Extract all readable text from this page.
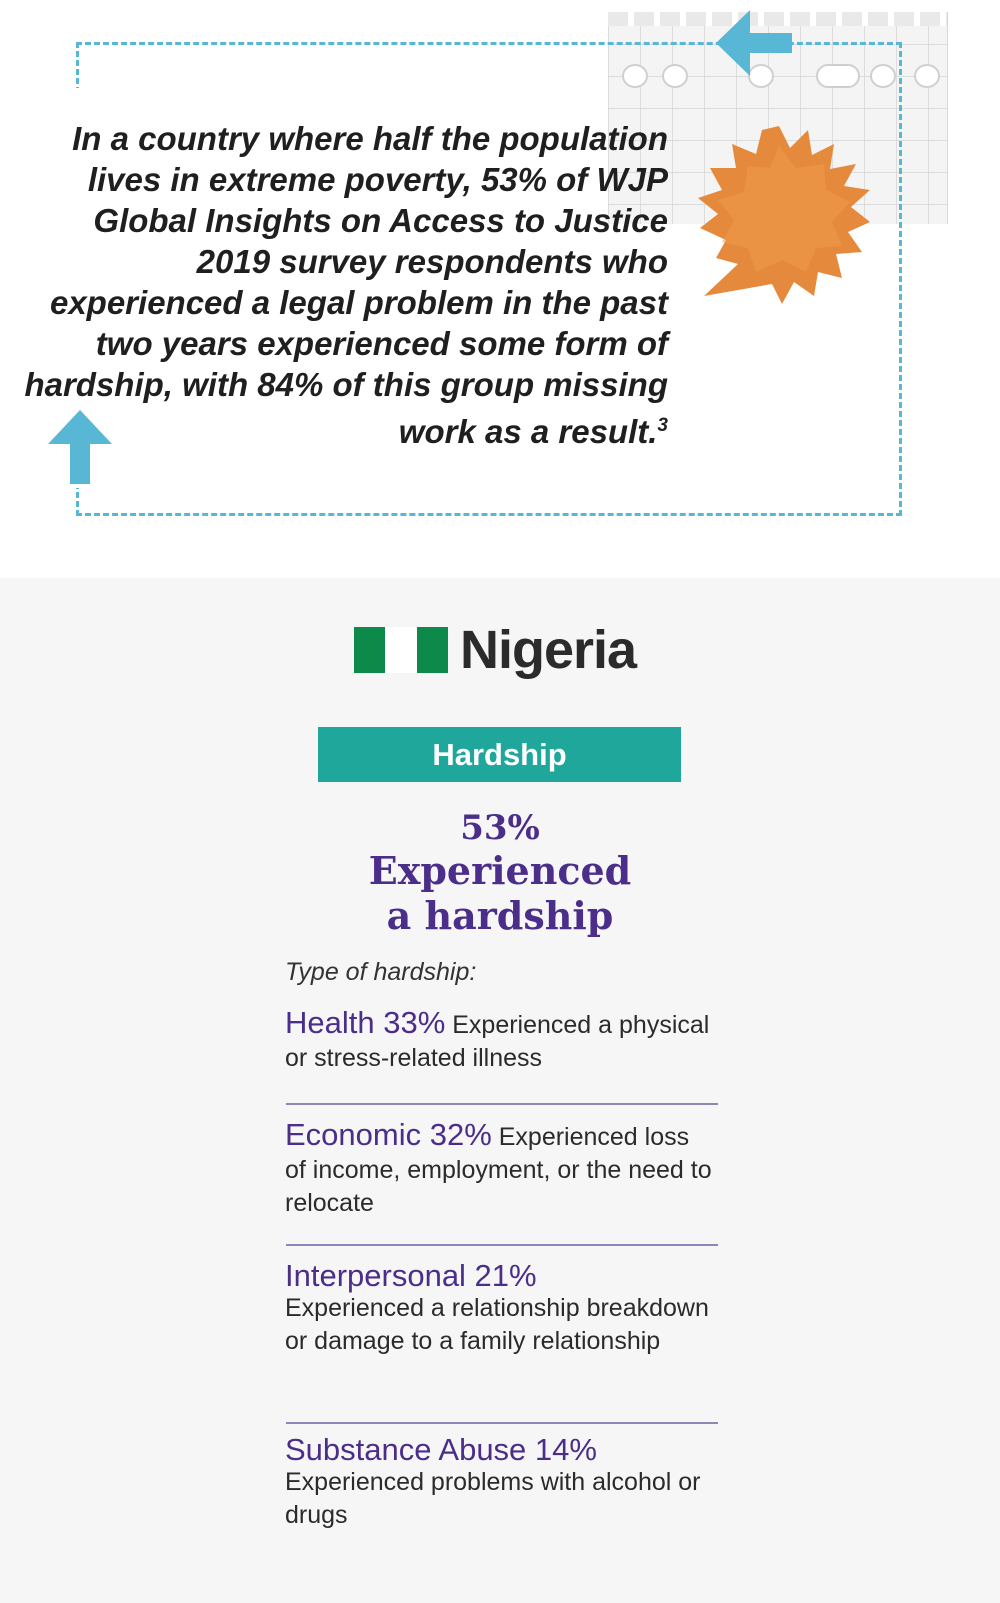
In a country where half the population lives in extreme poverty, 53% of WJP Global Insights on Access to Justice 2019 survey respondents who experienced a legal problem in the past two years experienced some form of hardship, with 84% of this group missing work as a result.$^3$

Nigeria
Hardship
53%
Experienced
a hardship
Type of hardship:
Health 33% Experienced a physical or stress-related illness
Economic 32% Experienced loss of income, employment, or the need to relocate
Interpersonal 21%
Experienced a relationship breakdown or damage to a family relationship
Substance Abuse 14%
Experienced problems with alcohol or drugs
